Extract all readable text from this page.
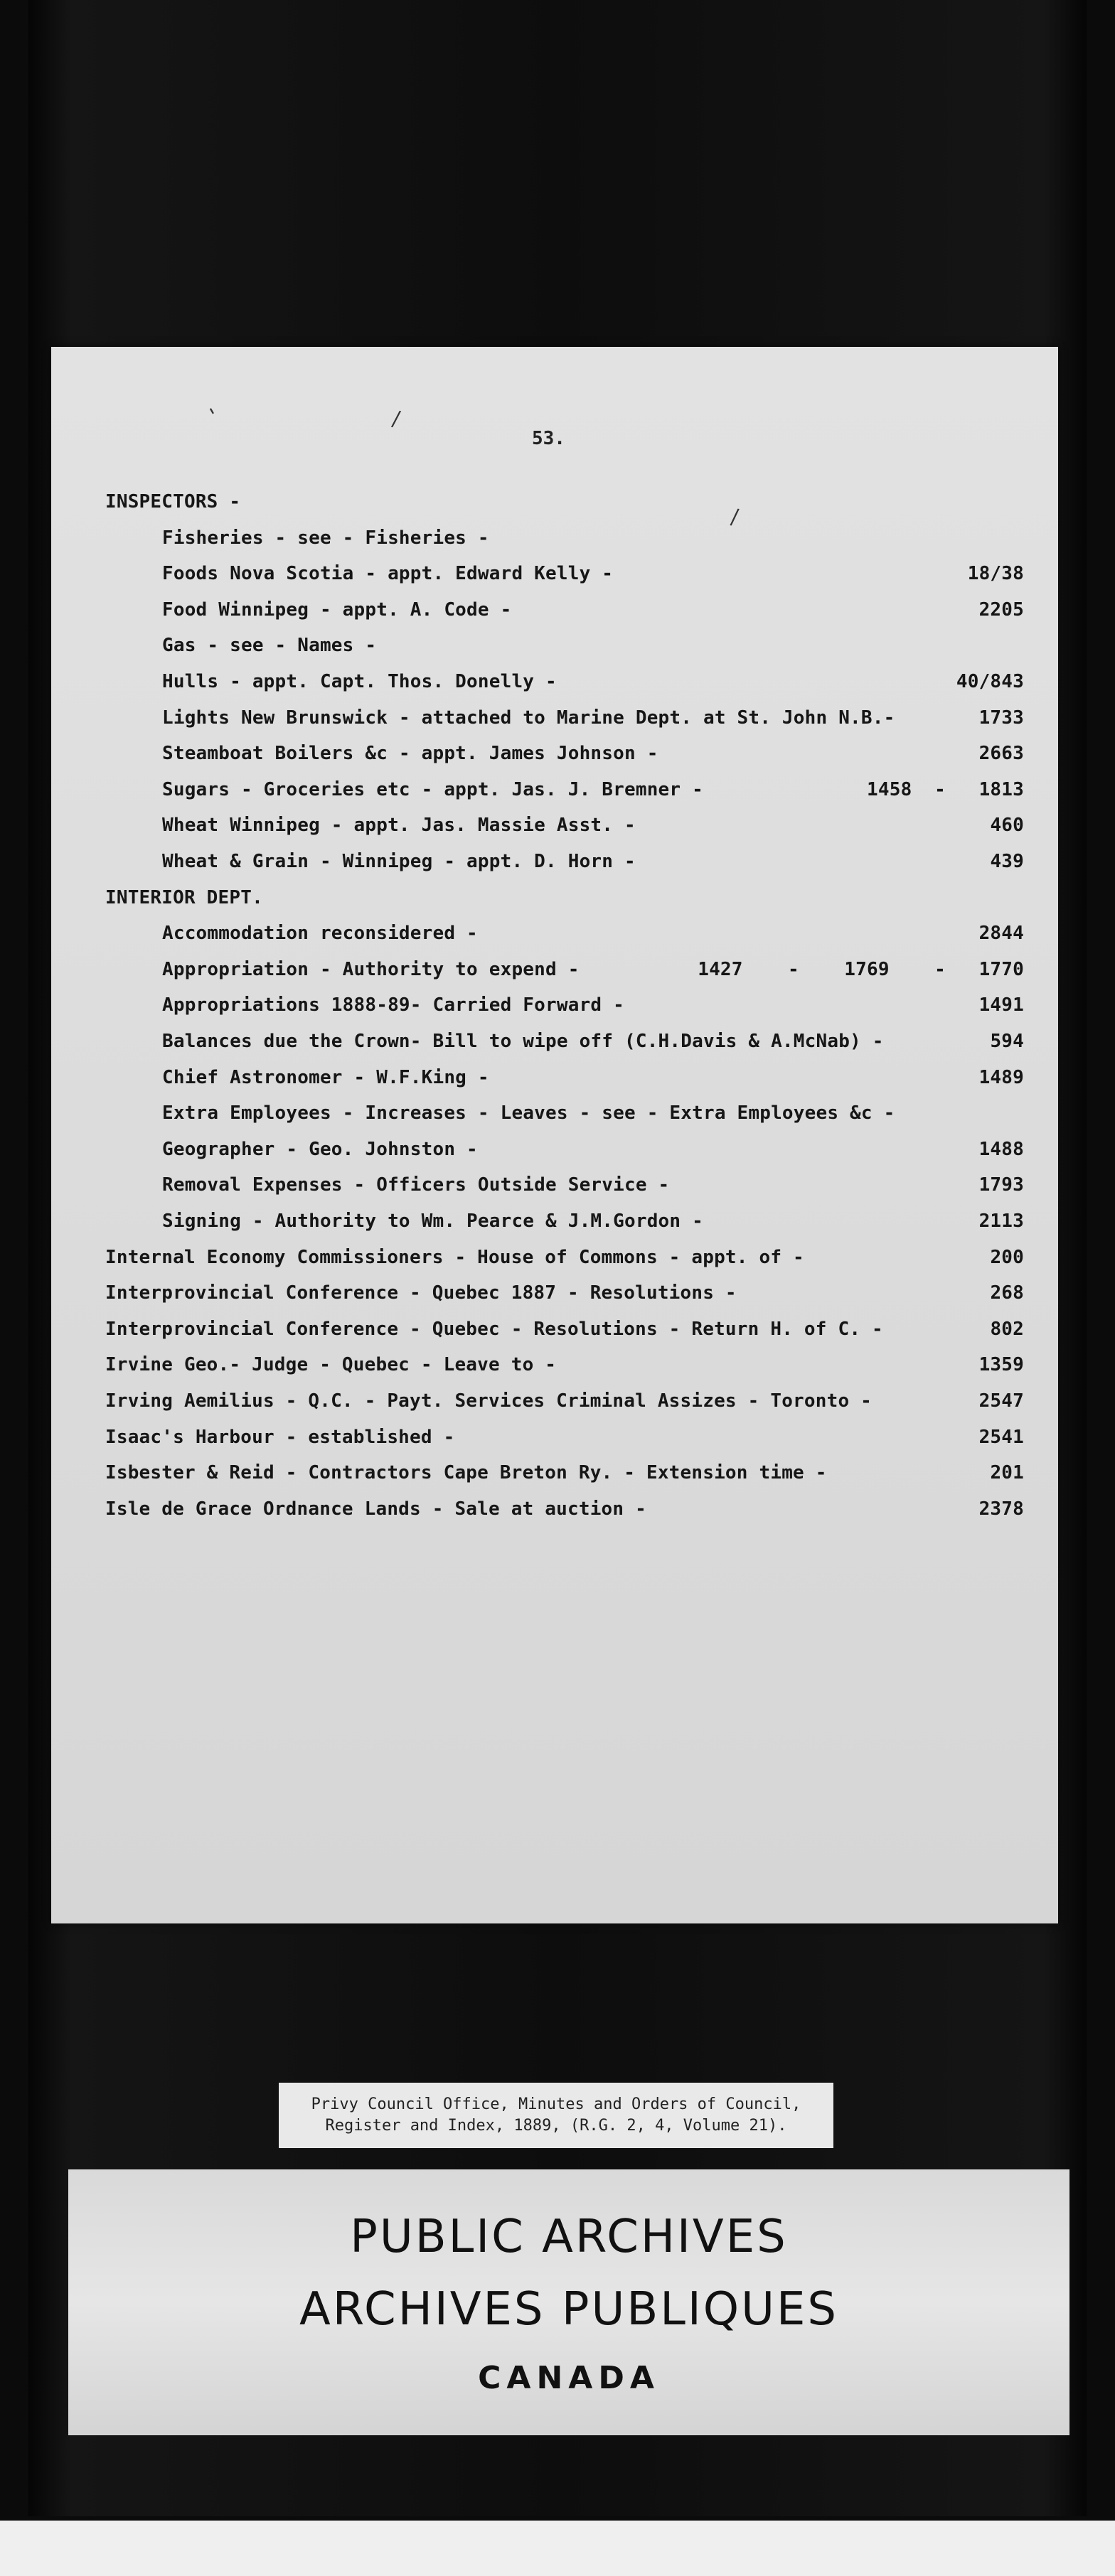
'	/
/
53.
INSPECTORS -
Fisheries - see - Fisheries -
Foods Nova Scotia - appt. Edward Kelly -	18/38
Food Winnipeg - appt. A. Code -	2205
Gas - see - Names -
Hulls - appt. Capt. Thos. Donelly -	40/843
Lights New Brunswick - attached to Marine Dept. at St. John N.B.-	1733
Steamboat Boilers &c - appt. James Johnson -	2663
Sugars - Groceries etc - appt. Jas. J. Bremner -	1458  - 1813
Wheat Winnipeg - appt. Jas. Massie Asst. -	460
Wheat & Grain - Winnipeg - appt. D. Horn -	439
INTERIOR DEPT.
Accommodation reconsidered -	2844
Appropriation - Authority to expend -	1427    -    1769    - 1770
Appropriations 1888-89- Carried Forward -	1491
Balances due the Crown- Bill to wipe off (C.H.Davis & A.McNab) -	594
Chief Astronomer - W.F.King -	1489
Extra Employees - Increases - Leaves - see - Extra Employees &c -
Geographer - Geo. Johnston -	1488
Removal Expenses - Officers Outside Service -	1793
Signing - Authority to Wm. Pearce & J.M.Gordon -	2113
Internal Economy Commissioners - House of Commons - appt. of -	200
Interprovincial Conference - Quebec 1887 - Resolutions -	268
Interprovincial Conference - Quebec - Resolutions - Return H. of C. -	802
Irvine Geo.- Judge - Quebec - Leave to -	1359
Irving Aemilius - Q.C. - Payt. Services Criminal Assizes - Toronto -	2547
Isaac's Harbour - established -	2541
Isbester & Reid - Contractors Cape Breton Ry. - Extension time -	201
Isle de Grace Ordnance Lands - Sale at auction -	2378
Privy Council Office, Minutes and Orders of Council,
Register and Index, 1889, (R.G. 2, 4, Volume 21).
PUBLIC ARCHIVES
ARCHIVES PUBLIQUES
CANADA
